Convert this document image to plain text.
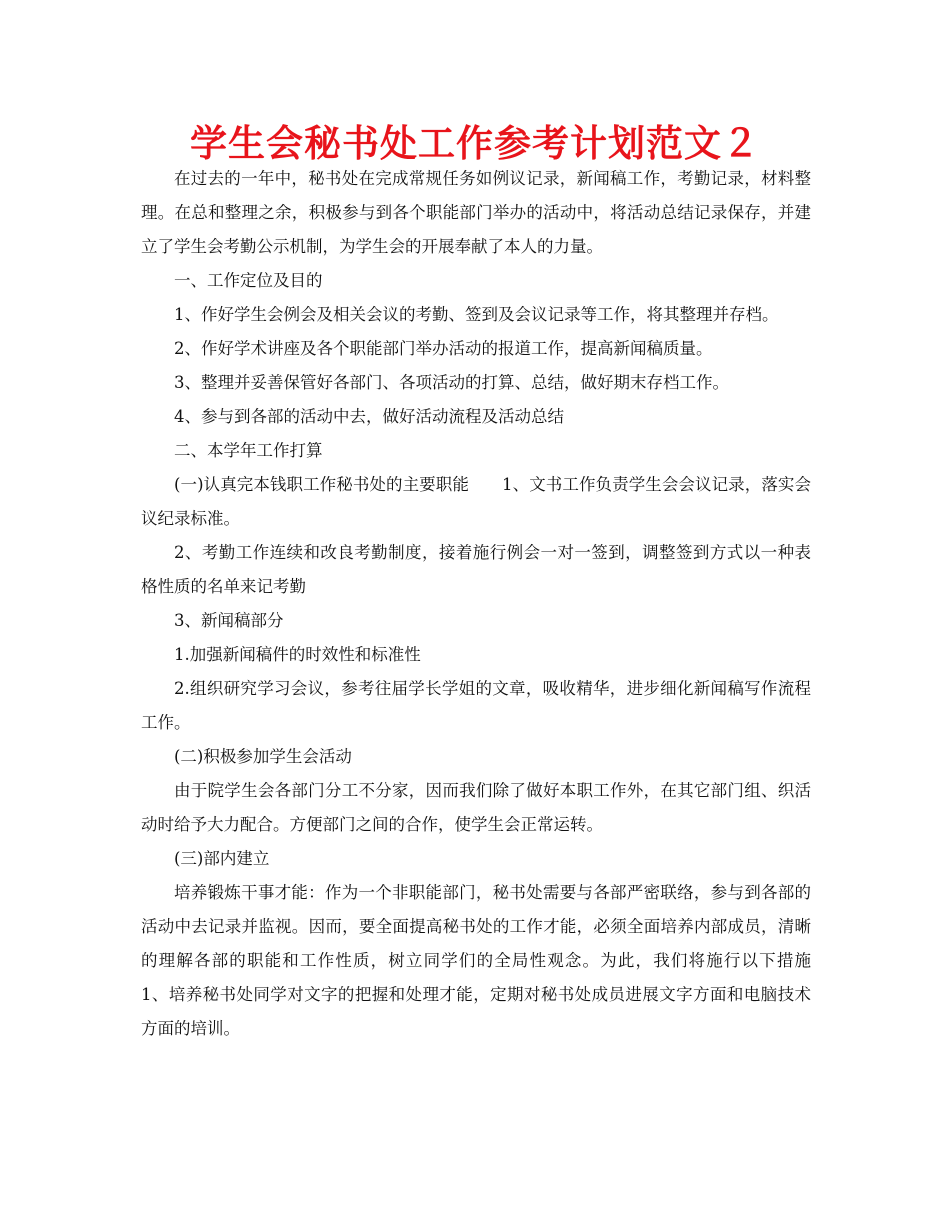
学生会秘书处工作参考计划范文２

在过去的一年中，秘书处在完成常规任务如例议记录，新闻稿工作，考勤记录，材料整理。在总和整理之余，积极参与到各个职能部门举办的活动中，将活动总结记录保存，并建立了学生会考勤公示机制，为学生会的开展奉献了本人的力量。

一、工作定位及目的

1、作好学生会例会及相关会议的考勤、签到及会议记录等工作，将其整理并存档。

2、作好学术讲座及各个职能部门举办活动的报道工作，提高新闻稿质量。

3、整理并妥善保管好各部门、各项活动的打算、总结，做好期末存档工作。

4、参与到各部的活动中去，做好活动流程及活动总结

二、本学年工作打算

(一)认真完本钱职工作秘书处的主要职能　　1、文书工作负责学生会会议记录，落实会议纪录标准。

2、考勤工作连续和改良考勤制度，接着施行例会一对一签到，调整签到方式以一种表格性质的名单来记考勤

3、新闻稿部分

1.加强新闻稿件的时效性和标准性

2.组织研究学习会议，参考往届学长学姐的文章，吸收精华，进步细化新闻稿写作流程工作。

(二)积极参加学生会活动

由于院学生会各部门分工不分家，因而我们除了做好本职工作外，在其它部门组、织活动时给予大力配合。方便部门之间的合作，使学生会正常运转。

(三)部内建立

培养锻炼干事才能：作为一个非职能部门，秘书处需要与各部严密联络，参与到各部的活动中去记录并监视。因而，要全面提高秘书处的工作才能，必须全面培养内部成员，清晰的理解各部的职能和工作性质，树立同学们的全局性观念。为此，我们将施行以下措施　　1、培养秘书处同学对文字的把握和处理才能，定期对秘书处成员进展文字方面和电脑技术方面的培训。
